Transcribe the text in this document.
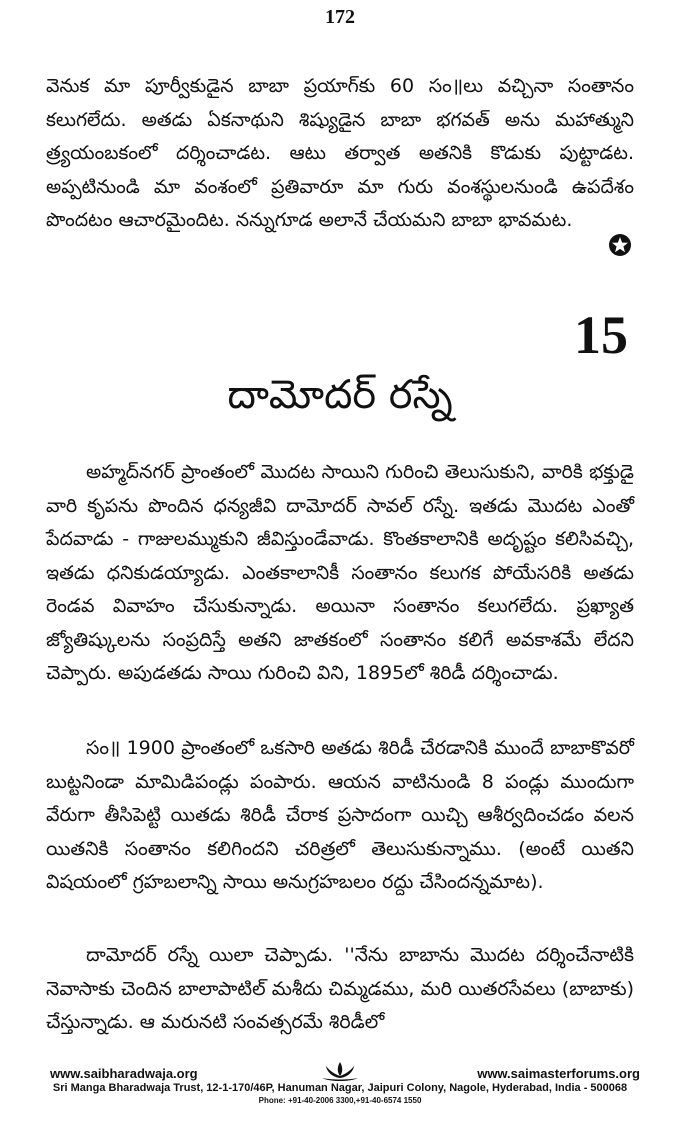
172

వెనుక మా పూర్వీకుడైన బాబా ప్రయాగ్‌కు 60 సం॥లు వచ్చినా సంతానం కలుగలేదు. అతడు ఏకనాథుని శిష్యుడైన బాబా భగవత్ అను మహాత్ముని త్ర్యయంబకంలో దర్శించాడట. ఆటు తర్వాత అతనికి కొడుకు పుట్టాడట. అప్పటినుండి మా వంశంలో ప్రతివారూ మా గురు వంశస్థులనుండి ఉపదేశం పొందటం ఆచారమైందిట. నన్నుగూడ అలానే చేయమని బాబా భావమట.

15
దామోదర్ రస్నే

అహ్మద్‌నగర్ ప్రాంతంలో మొదట సాయిని గురించి తెలుసుకుని, వారికి భక్తుడై వారి కృపను పొందిన ధన్యజీవి దామోదర్ సావల్ రస్నే. ఇతడు మొదట ఎంతో పేదవాడు - గాజులమ్ముకుని జీవిస్తుండేవాడు. కొంతకాలానికి అదృష్టం కలిసివచ్చి, ఇతడు ధనికుడయ్యాడు. ఎంతకాలానికీ సంతానం కలుగక పోయేసరికి అతడు రెండవ వివాహం చేసుకున్నాడు. అయినా సంతానం కలుగలేదు. ప్రఖ్యాత జ్యోతిష్కులను సంప్రదిస్తే అతని జాతకంలో సంతానం కలిగే అవకాశమే లేదని చెప్పారు. అపుడతడు సాయి గురించి విని, 1895లో శిరిడీ దర్శించాడు.

సం॥ 1900 ప్రాంతంలో ఒకసారి అతడు శిరిడీ చేరడానికి ముందే బాబాకొవరో బుట్టనిండా మామిడిపండ్లు పంపారు. ఆయన వాటినుండి 8 పండ్లు ముందుగా వేరుగా తీసిపెట్టి యితడు శిరిడీ చేరాక ప్రసాదంగా యిచ్చి ఆశీర్వదించడం వలన యితనికి సంతానం కలిగిందని చరిత్రలో తెలుసుకున్నాము. (అంటే యితని విషయంలో గ్రహబలాన్ని సాయి అనుగ్రహబలం రద్దు చేసిందన్నమాట).

దామోదర్ రస్నే యిలా చెప్పాడు. ''నేను బాబాను మొదట దర్శించేనాటికి నెవాసాకు చెందిన బాలాపాటిల్ మశీదు చిమ్మడము, మరి యితరసేవలు (బాబాకు) చేస్తున్నాడు. ఆ మరునటి సంవత్సరమే శిరిడీలో

www.saibharadwaja.org	www.saimasterforums.org
Sri Manga Bharadwaja Trust, 12-1-170/46P, Hanuman Nagar, Jaipuri Colony, Nagole, Hyderabad, India - 500068
Phone: +91-40-2006 3300,+91-40-6574 1550
